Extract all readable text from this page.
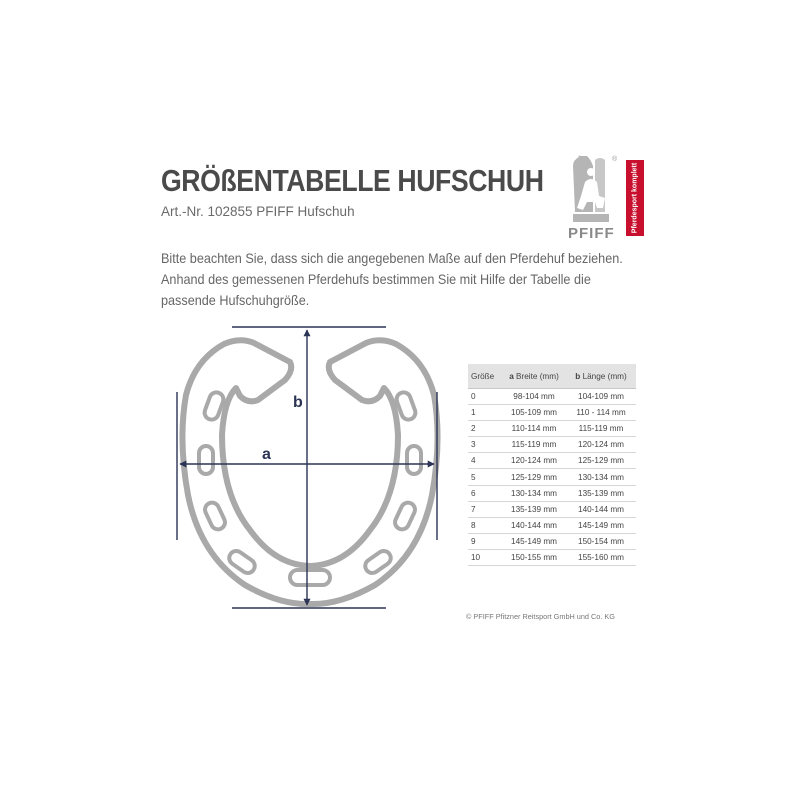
GRÖßENTABELLE HUFSCHUH
Art.-Nr. 102855 PFIFF Hufschuh
Bitte beachten Sie, dass sich die angegebenen Maße auf den Pferdehuf beziehen.
Anhand des gemessenen Pferdehufs bestimmen Sie mit Hilfe der Tabelle die
passende Hufschuhgröße.
Pferdesport komplett
®
PFIFF
b
a
Größe	a Breite (mm)	b Länge (mm)
0	98-104 mm	104-109 mm
1	105-109 mm	110 - 114 mm
2	110-114 mm	115-119 mm
3	115-119 mm	120-124 mm
4	120-124 mm	125-129 mm
5	125-129 mm	130-134 mm
6	130-134 mm	135-139 mm
7	135-139 mm	140-144 mm
8	140-144 mm	145-149 mm
9	145-149 mm	150-154 mm
10	150-155 mm	155-160 mm
© PFIFF Pfitzner Reitsport GmbH und Co. KG
